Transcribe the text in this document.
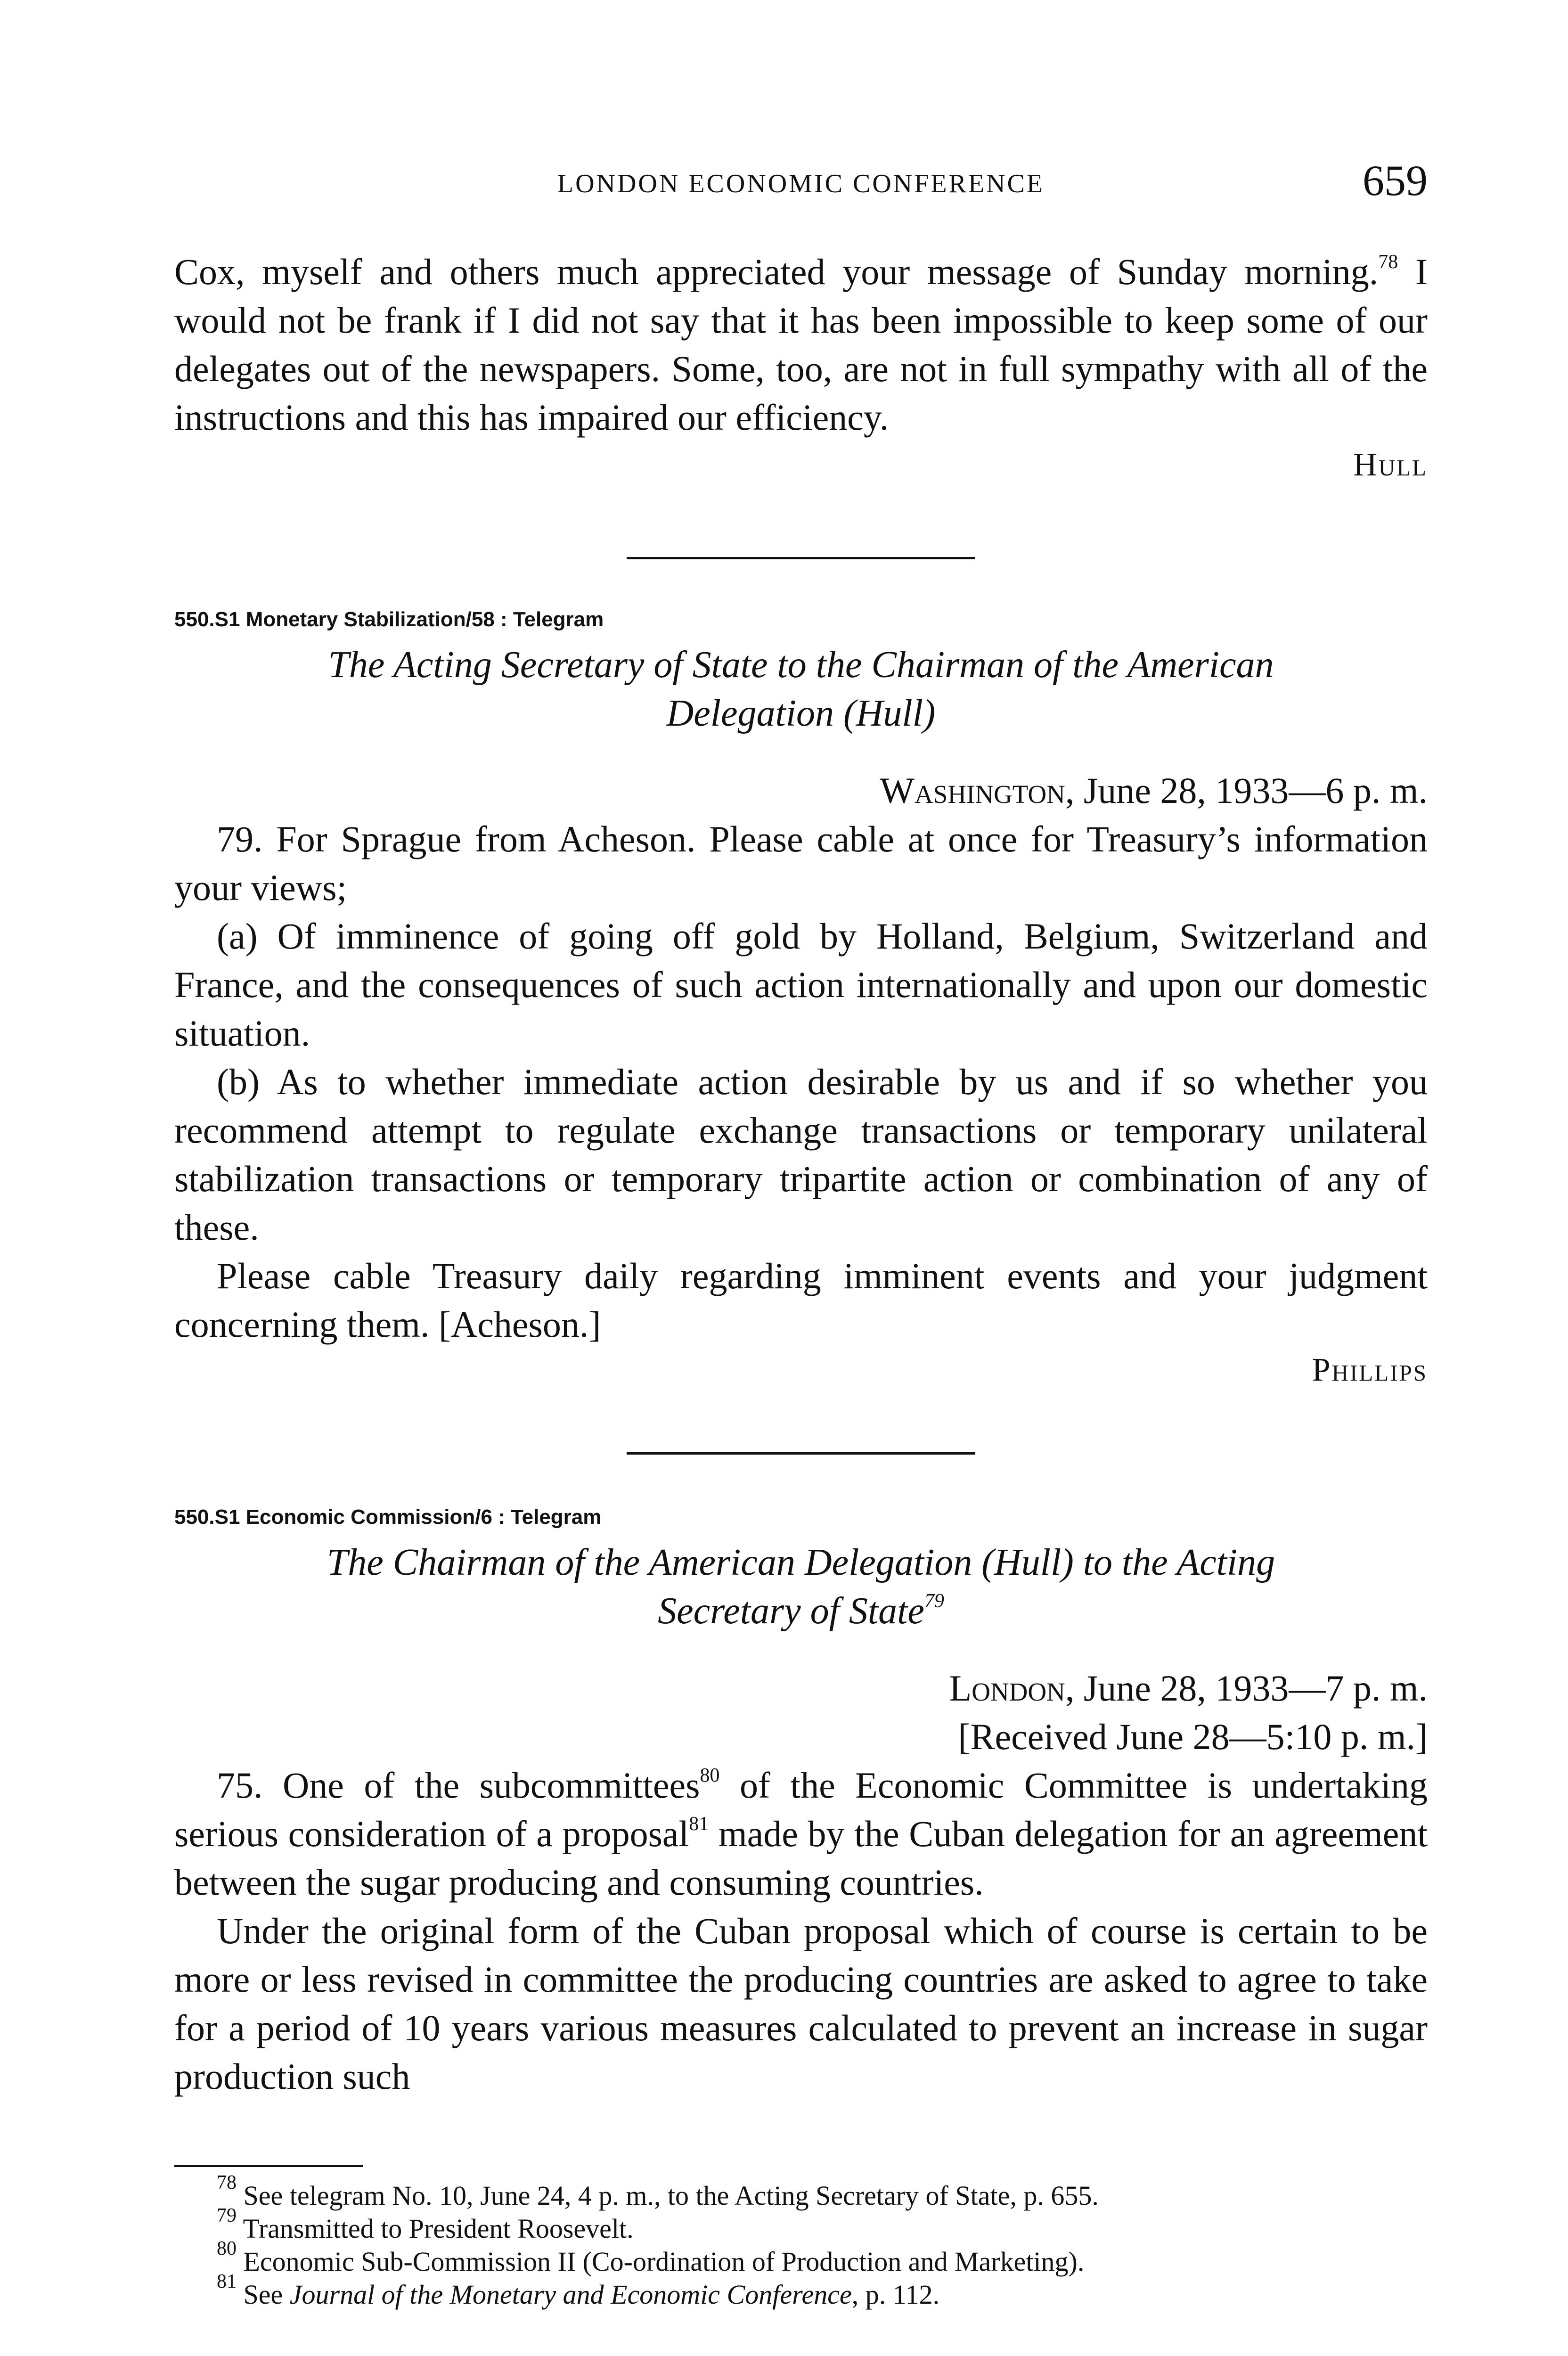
LONDON ECONOMIC CONFERENCE	659

Cox, myself and others much appreciated your message of Sunday morning.$^{78}$ I would not be frank if I did not say that it has been impossible to keep some of our delegates out of the newspapers. Some, too, are not in full sympathy with all of the instructions and this has impaired our efficiency.

Hull

550.S1 Monetary Stabilization/58 : Telegram

The Acting Secretary of State to the Chairman of the American
Delegation (Hull)

Washington, June 28, 1933—6 p. m.

79. For Sprague from Acheson. Please cable at once for Treasury’s information your views;

(a) Of imminence of going off gold by Holland, Belgium, Switzerland and France, and the consequences of such action internationally and upon our domestic situation.

(b) As to whether immediate action desirable by us and if so whether you recommend attempt to regulate exchange transactions or temporary unilateral stabilization transactions or temporary tripartite action or combination of any of these.

Please cable Treasury daily regarding imminent events and your judgment concerning them. [Acheson.]

Phillips

550.S1 Economic Commission/6 : Telegram

The Chairman of the American Delegation (Hull) to the Acting
Secretary of State$^{79}$

London, June 28, 1933—7 p. m.

[Received June 28—5:10 p. m.]

75. One of the subcommittees$^{80}$ of the Economic Committee is undertaking serious consideration of a proposal$^{81}$ made by the Cuban delegation for an agreement between the sugar producing and consuming countries.

Under the original form of the Cuban proposal which of course is certain to be more or less revised in committee the producing countries are asked to agree to take for a period of 10 years various measures calculated to prevent an increase in sugar production such

$^{78}$ See telegram No. 10, June 24, 4 p. m., to the Acting Secretary of State, p. 655.

$^{79}$ Transmitted to President Roosevelt.

$^{80}$ Economic Sub-Commission II (Co-ordination of Production and Marketing).

$^{81}$ See Journal of the Monetary and Economic Conference, p. 112.
